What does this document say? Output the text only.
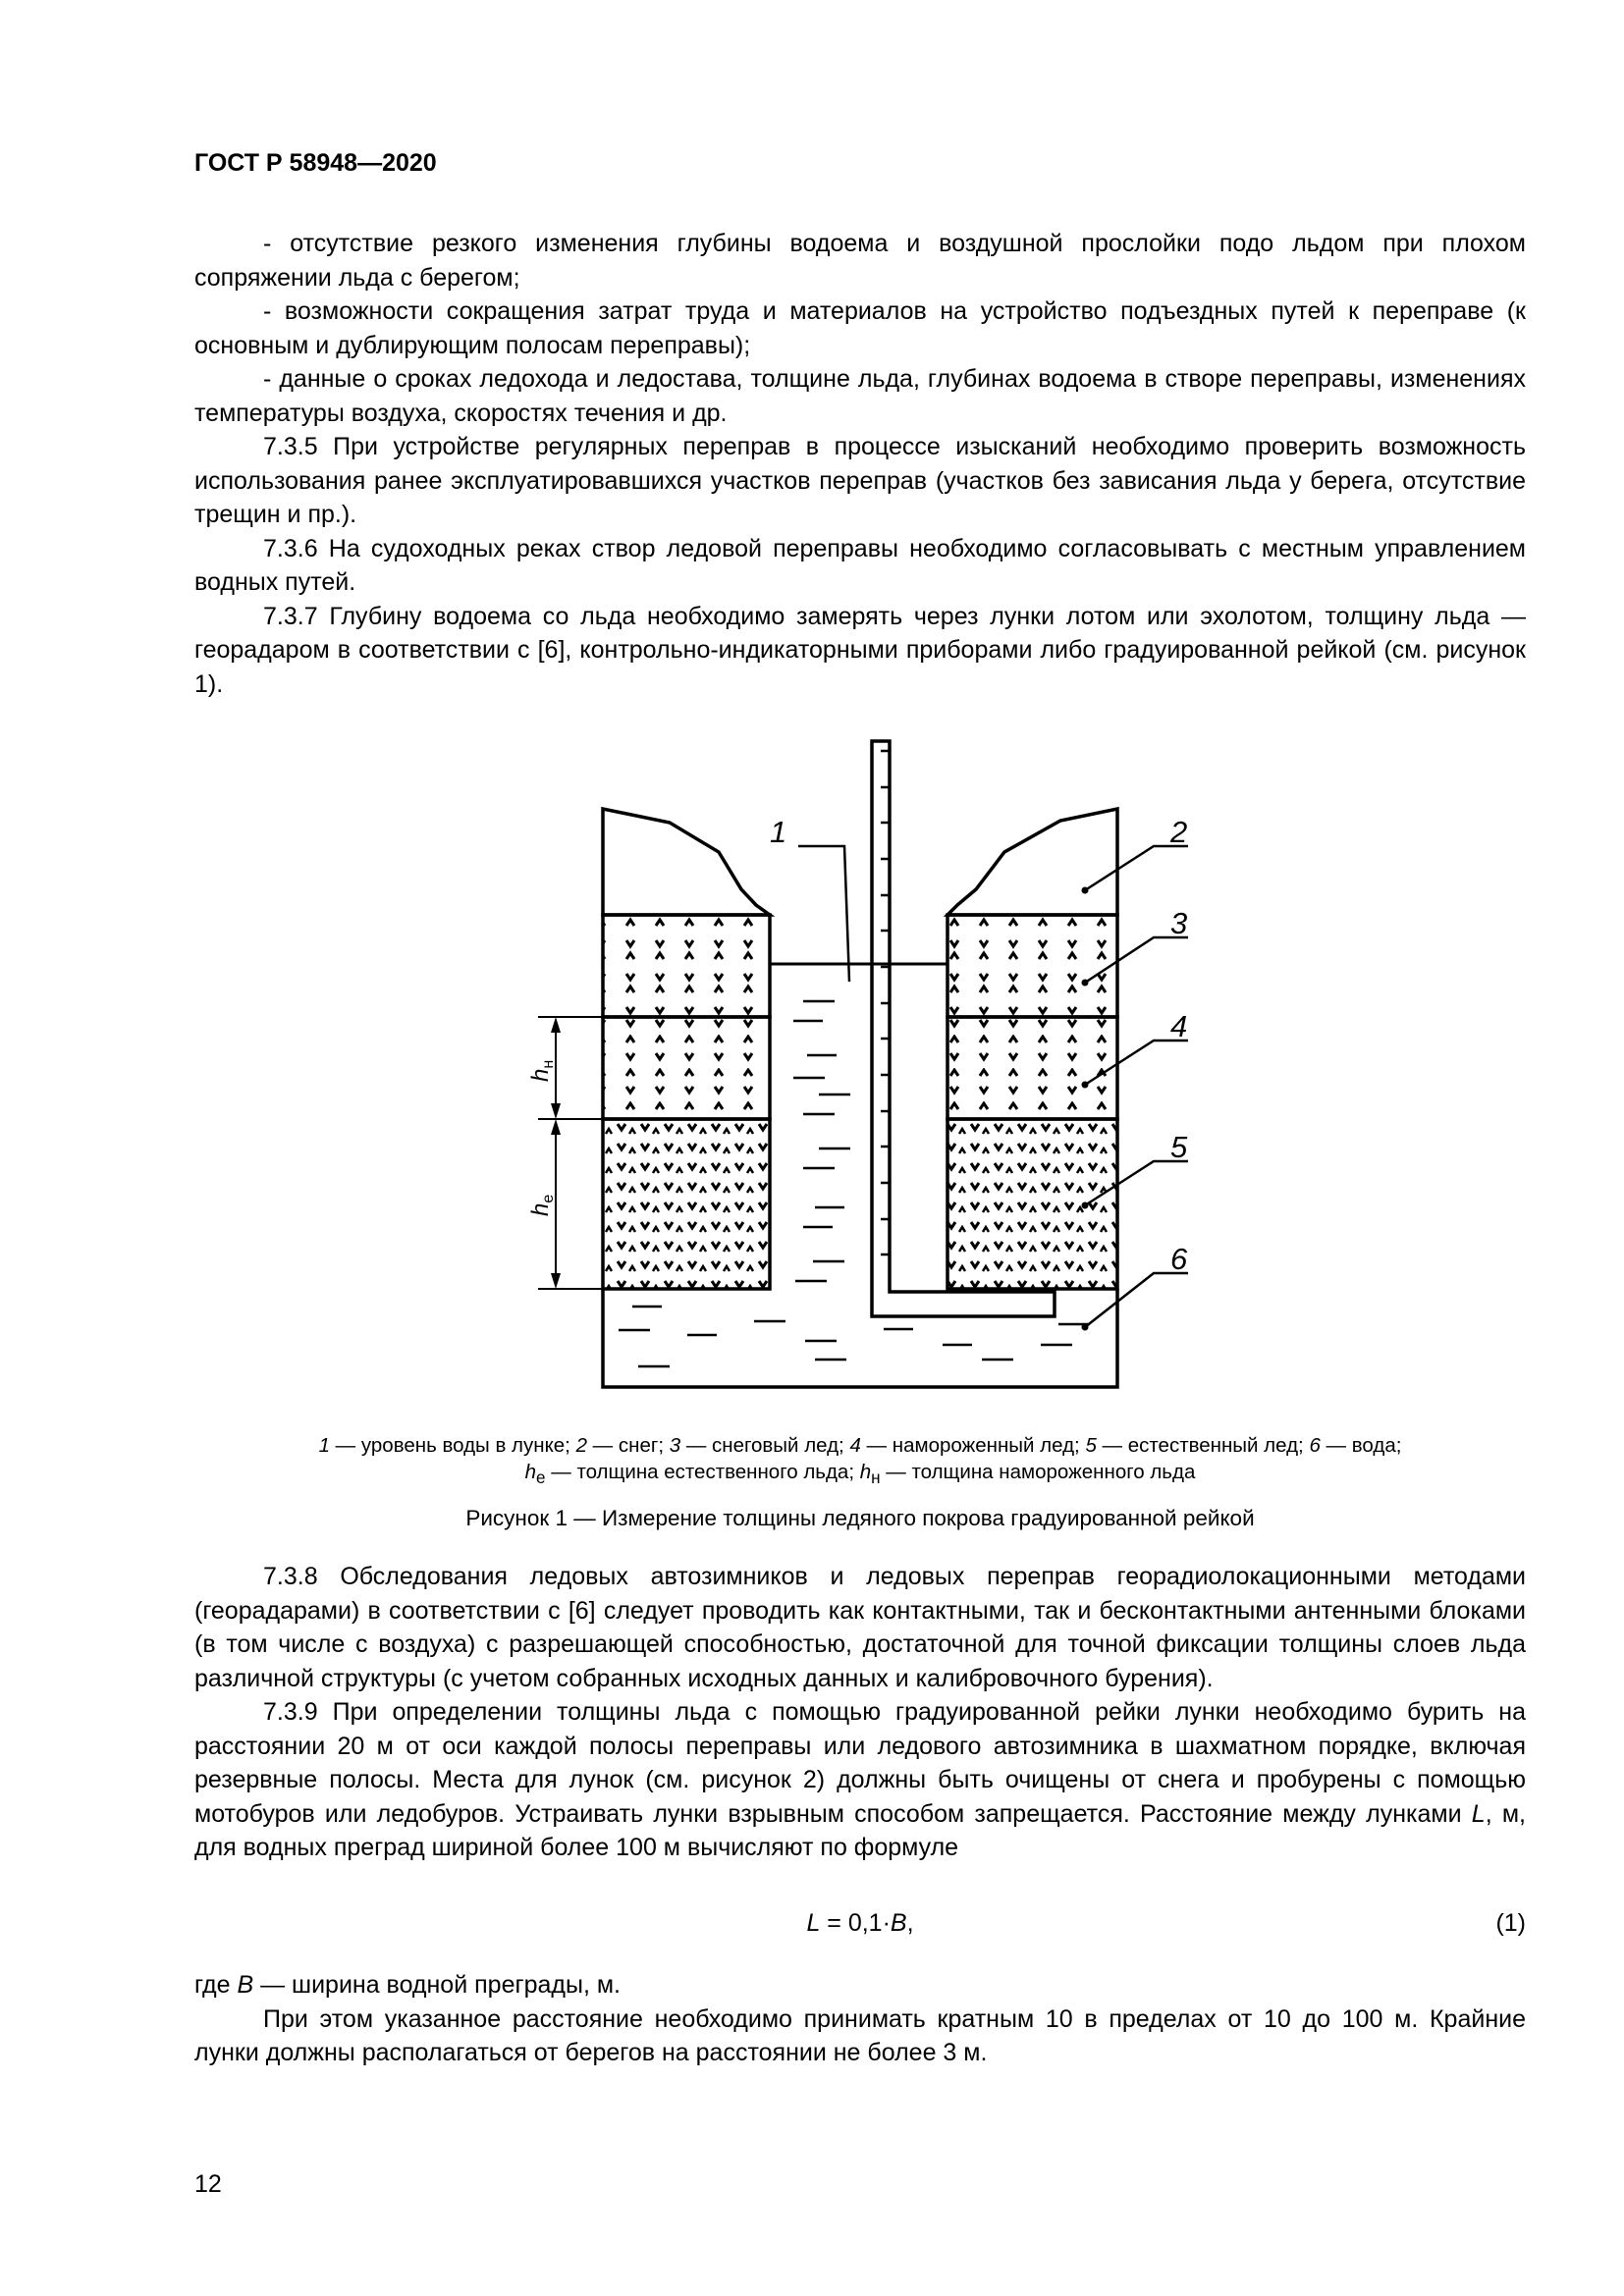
ГОСТ Р 58948—2020

- отсутствие резкого изменения глубины водоема и воздушной прослойки подо льдом при плохом сопряжении льда с берегом;

- возможности сокращения затрат труда и материалов на устройство подъездных путей к переправе (к основным и дублирующим полосам переправы);

- данные о сроках ледохода и ледостава, толщине льда, глубинах водоема в створе переправы, изменениях температуры воздуха, скоростях течения и др.

7.3.5 При устройстве регулярных переправ в процессе изысканий необходимо проверить возможность использования ранее эксплуатировавшихся участков переправ (участков без зависания льда у берега, отсутствие трещин и пр.).

7.3.6 На судоходных реках створ ледовой переправы необходимо согласовывать с местным управлением водных путей.

7.3.7 Глубину водоема со льда необходимо замерять через лунки лотом или эхолотом, толщину льда — георадаром в соответствии с [6], контрольно-индикаторными приборами либо градуированной рейкой (см. рисунок 1).

1	2
3
4
5
6
$h_н$
$h_е$
1 — уровень воды в лунке; 2 — снег; 3 — снеговый лед; 4 — намороженный лед; 5 — естественный лед; 6 — вода;
$h_е$ — толщина естественного льда; $h_н$ — толщина намороженного льда
Рисунок 1 — Измерение толщины ледяного покрова градуированной рейкой

7.3.8 Обследования ледовых автозимников и ледовых переправ георадиолокационными методами (георадарами) в соответствии с [6] следует проводить как контактными, так и бесконтактными антенными блоками (в том числе с воздуха) с разрешающей способностью, достаточной для точной фиксации толщины слоев льда различной структуры (с учетом собранных исходных данных и калибровочного бурения).

7.3.9 При определении толщины льда с помощью градуированной рейки лунки необходимо бурить на расстоянии 20 м от оси каждой полосы переправы или ледового автозимника в шахматном порядке, включая резервные полосы. Места для лунок (см. рисунок 2) должны быть очищены от снега и пробурены с помощью мотобуров или ледобуров. Устраивать лунки взрывным способом запрещается. Расстояние между лунками L, м, для водных преград шириной более 100 м вычисляют по формуле

L = 0,1·B,	(1)

где B — ширина водной преграды, м.

При этом указанное расстояние необходимо принимать кратным 10 в пределах от 10 до 100 м. Крайние лунки должны располагаться от берегов на расстоянии не более 3 м.

12
